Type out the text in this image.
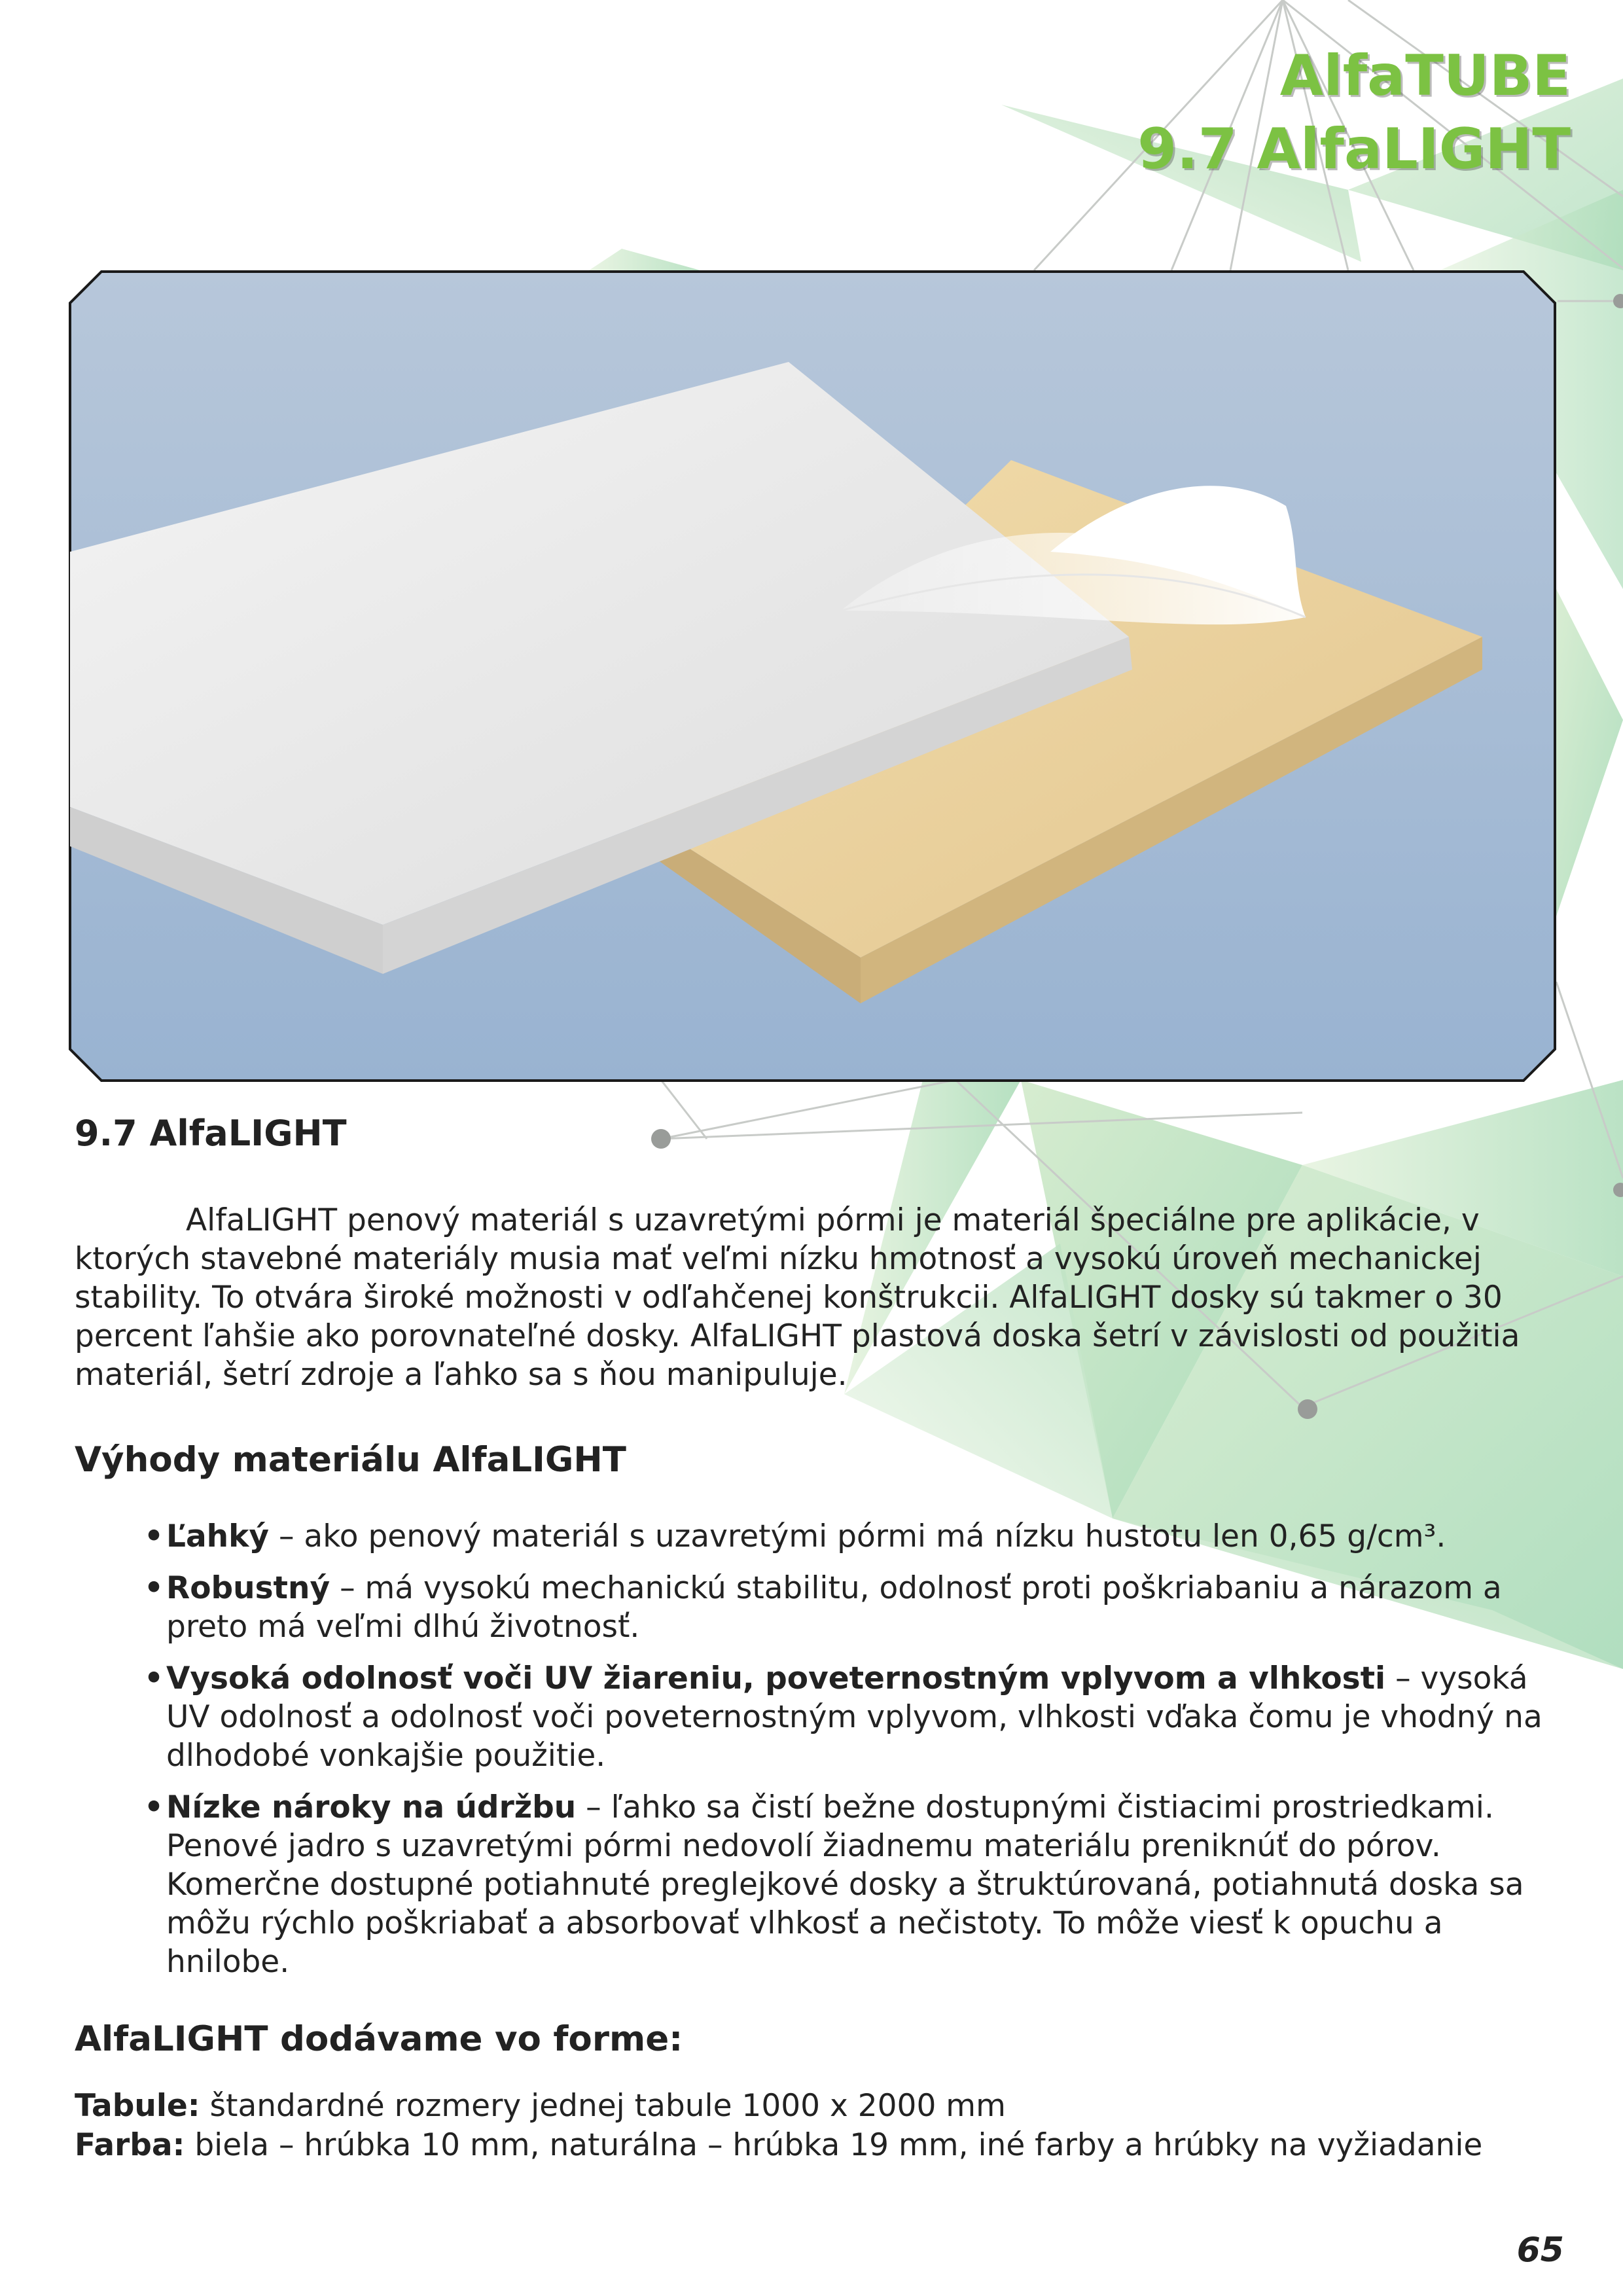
AlfaTUBE
9.7 AlfaLIGHT
9.7 AlfaLIGHT

AlfaLIGHT penový materiál s uzavretými pórmi je materiál špeciálne pre aplikácie, v ktorých stavebné materiály musia mať veľmi nízku hmotnosť a vysokú úroveň mechanickej stability. To otvára široké možnosti v odľahčenej konštrukcii. AlfaLIGHT dosky sú takmer o 30 percent ľahšie ako porovnateľné dosky. AlfaLIGHT plastová doska šetrí v závislosti od použitia materiál, šetrí zdroje a ľahko sa s ňou manipuluje.

Výhody materiálu AlfaLIGHT
• Ľahký – ako penový materiál s uzavretými pórmi má nízku hustotu len 0,65 g/cm³.
• Robustný – má vysokú mechanickú stabilitu, odolnosť proti poškriabaniu a nárazom a preto má veľmi dlhú životnosť.
• Vysoká odolnosť voči UV žiareniu, poveternostným vplyvom a vlhkosti – vysoká UV odolnosť a odolnosť voči poveternostným vplyvom, vlhkosti vďaka čomu je vhodný na dlhodobé vonkajšie použitie.
• Nízke nároky na údržbu – ľahko sa čistí bežne dostupnými čistiacimi prostriedkami. Penové jadro s uzavretými pórmi nedovolí žiadnemu materiálu preniknúť do pórov. Komerčne dostupné potiahnuté preglejkové dosky a štruktúrovaná, potiahnutá doska sa môžu rýchlo poškriabať a absorbovať vlhkosť a nečistoty. To môže viesť k opuchu a hnilobe.
AlfaLIGHT dodávame vo forme:
Tabule: štandardné rozmery jednej tabule 1000 x 2000 mm
Farba: biela – hrúbka 10 mm, naturálna – hrúbka 19 mm, iné farby a hrúbky na vyžiadanie
65
